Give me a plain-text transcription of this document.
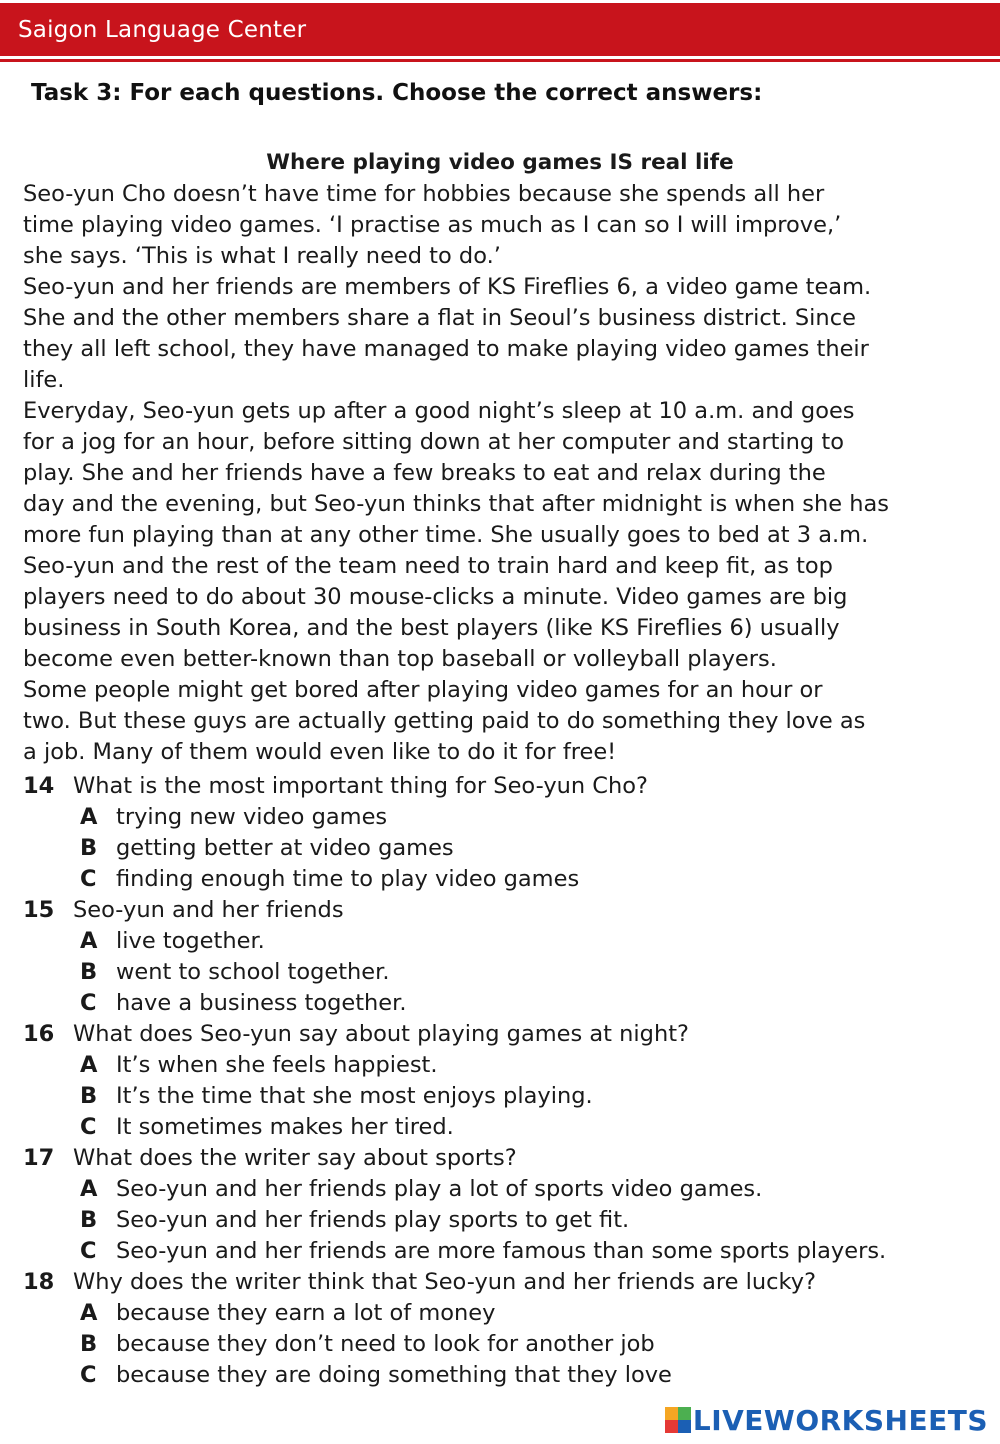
Saigon Language Center
Task 3: For each questions. Choose the correct answers:
Where playing video games IS real life
Seo-yun Cho doesn’t have time for hobbies because she spends all her
time playing video games. ‘I practise as much as I can so I will improve,’
she says. ‘This is what I really need to do.’
Seo-yun and her friends are members of KS Fireflies 6, a video game team.
She and the other members share a flat in Seoul’s business district. Since
they all left school, they have managed to make playing video games their
life.
Everyday, Seo-yun gets up after a good night’s sleep at 10 a.m. and goes
for a jog for an hour, before sitting down at her computer and starting to
play. She and her friends have a few breaks to eat and relax during the
day and the evening, but Seo-yun thinks that after midnight is when she has
more fun playing than at any other time. She usually goes to bed at 3 a.m.
Seo-yun and the rest of the team need to train hard and keep fit, as top
players need to do about 30 mouse-clicks a minute. Video games are big
business in South Korea, and the best players (like KS Fireflies 6) usually
become even better-known than top baseball or volleyball players.
Some people might get bored after playing video games for an hour or
two. But these guys are actually getting paid to do something they love as
a job. Many of them would even like to do it for free!
14 What is the most important thing for Seo-yun Cho?
A trying new video games
B getting better at video games
C finding enough time to play video games
15 Seo-yun and her friends
A live together.
B went to school together.
C have a business together.
16 What does Seo-yun say about playing games at night?
A It’s when she feels happiest.
B It’s the time that she most enjoys playing.
C It sometimes makes her tired.
17 What does the writer say about sports?
A Seo-yun and her friends play a lot of sports video games.
B Seo-yun and her friends play sports to get fit.
C Seo-yun and her friends are more famous than some sports players.
18 Why does the writer think that Seo-yun and her friends are lucky?
A because they earn a lot of money
B because they don’t need to look for another job
C because they are doing something that they love
LIVEWORKSHEETS
